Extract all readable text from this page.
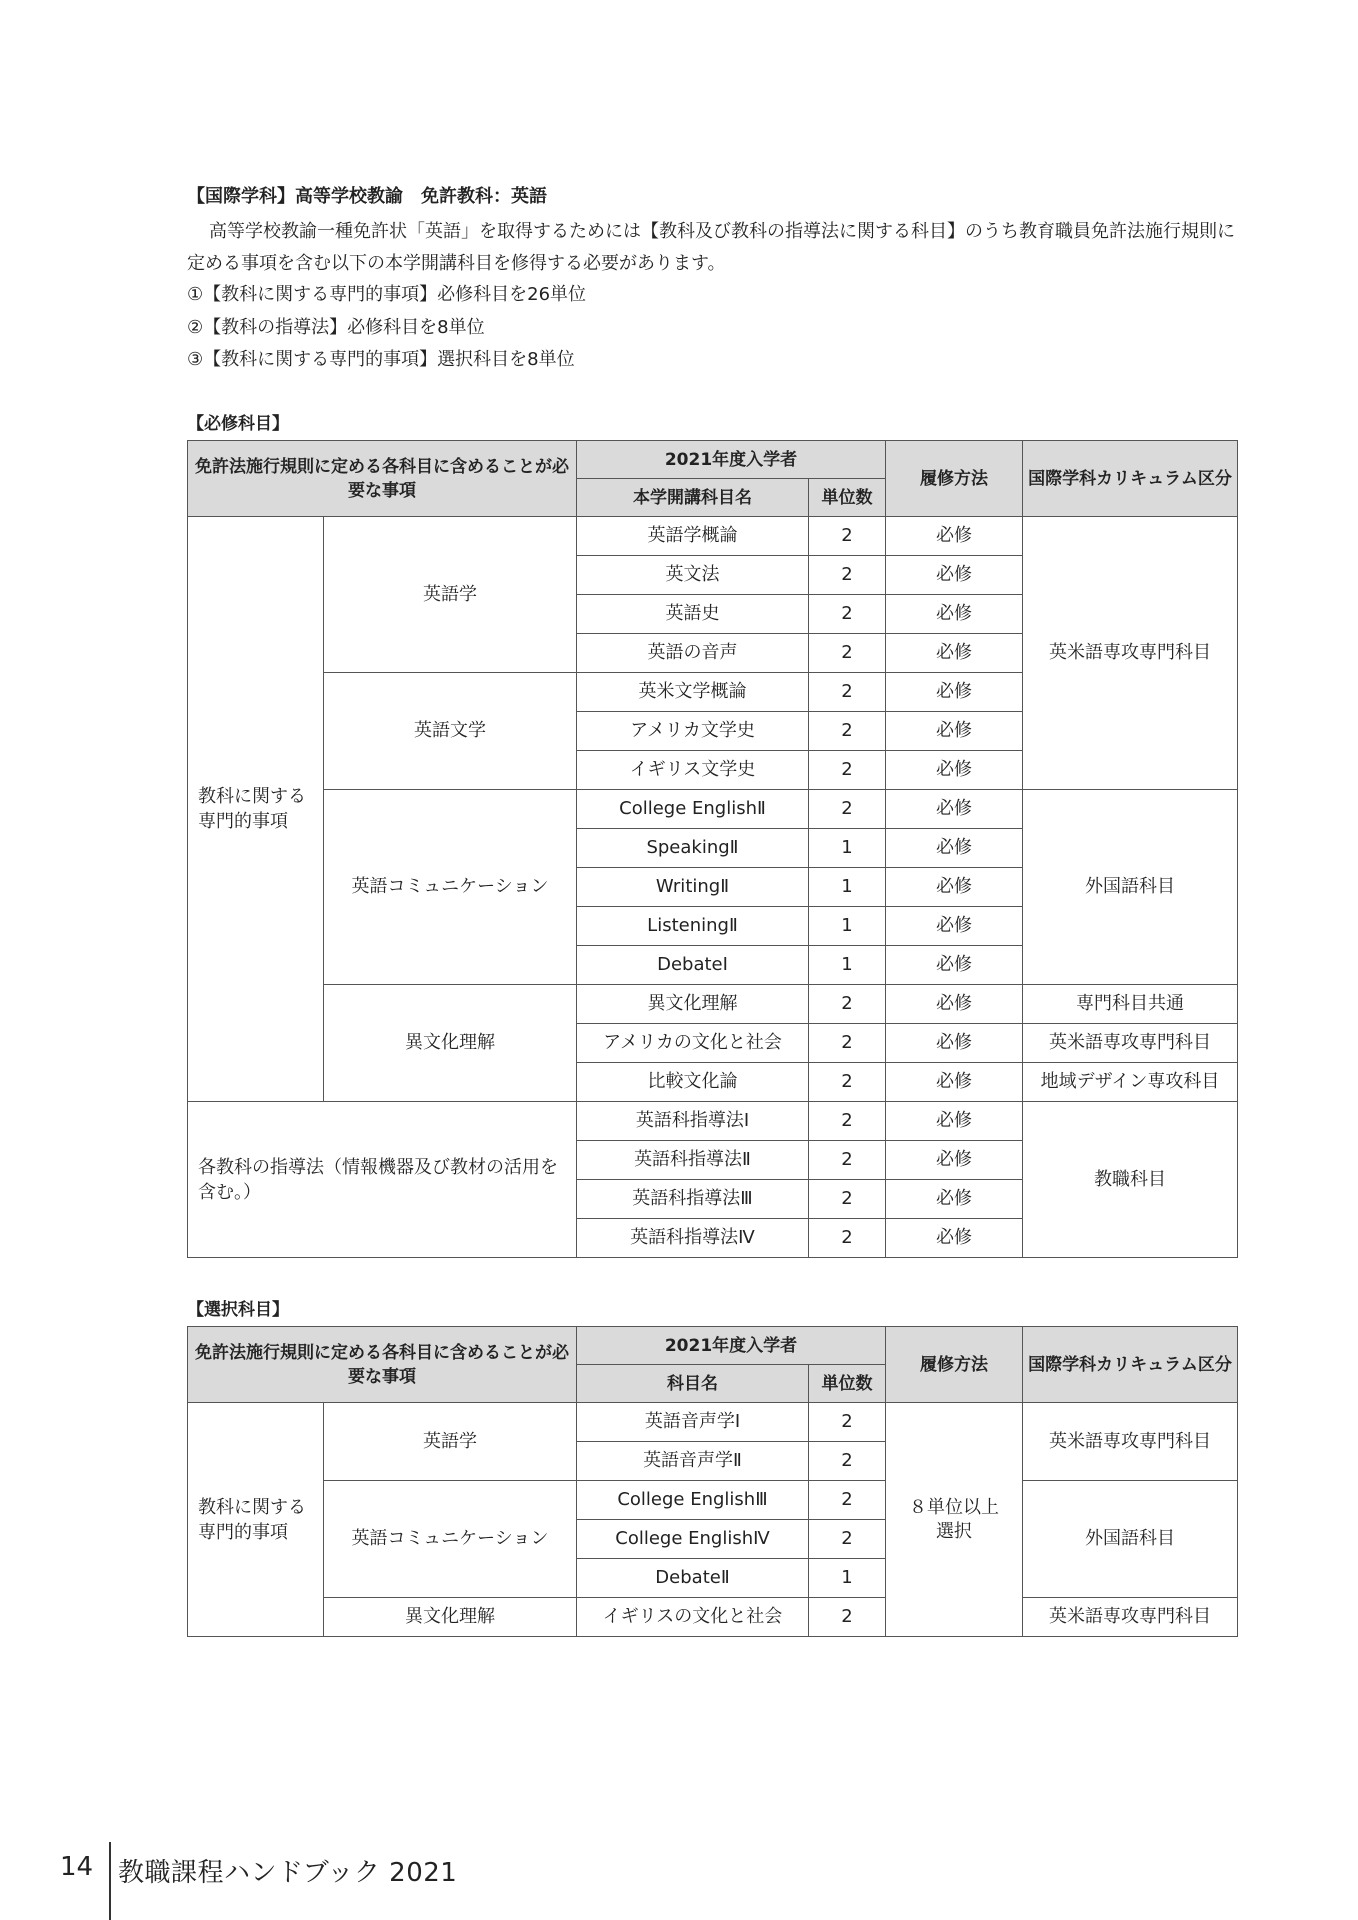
【国際学科】高等学校教諭　免許教科：英語
高等学校教諭一種免許状「英語」を取得するためには【教科及び教科の指導法に関する科目】のうち教育職員免許法施行規則に定める事項を含む以下の本学開講科目を修得する必要があります。
①【教科に関する専門的事項】必修科目を26単位
②【教科の指導法】必修科目を8単位
③【教科に関する専門的事項】選択科目を8単位
【必修科目】
免許法施行規則に定める各科目に含めることが必要な事項		2021年度入学者		履修方法	国際学科カリキュラム区分
		本学開講科目名	単位数		
教科に関する専門的事項	英語学	英語学概論	2	必修	英米語専攻専門科目
		英文法	2	必修	
		英語史	2	必修	
		英語の音声	2	必修	
	英語文学	英米文学概論	2	必修	
		アメリカ文学史	2	必修	
		イギリス文学史	2	必修	
	英語コミュニケーション	College EnglishⅡ	2	必修	外国語科目
		SpeakingⅡ	1	必修	
		WritingⅡ	1	必修	
		ListeningⅡ	1	必修	
		DebateⅠ	1	必修	
	異文化理解	異文化理解	2	必修	専門科目共通
		アメリカの文化と社会	2	必修	英米語専攻専門科目
		比較文化論	2	必修	地域デザイン専攻科目
各教科の指導法（情報機器及び教材の活用を含む。）		英語科指導法Ⅰ	2	必修	教職科目
		英語科指導法Ⅱ	2	必修	
		英語科指導法Ⅲ	2	必修	
		英語科指導法Ⅳ	2	必修	
【選択科目】
免許法施行規則に定める各科目に含めることが必要な事項		2021年度入学者		履修方法	国際学科カリキュラム区分
		科目名	単位数		
教科に関する専門的事項	英語学	英語音声学Ⅰ	2	８単位以上選択	英米語専攻専門科目
		英語音声学Ⅱ	2		
	英語コミュニケーション	College EnglishⅢ	2		外国語科目
		College EnglishⅣ	2		
		DebateⅡ	1		
	異文化理解	イギリスの文化と社会	2		英米語専攻専門科目
14 教職課程ハンドブック 2021
